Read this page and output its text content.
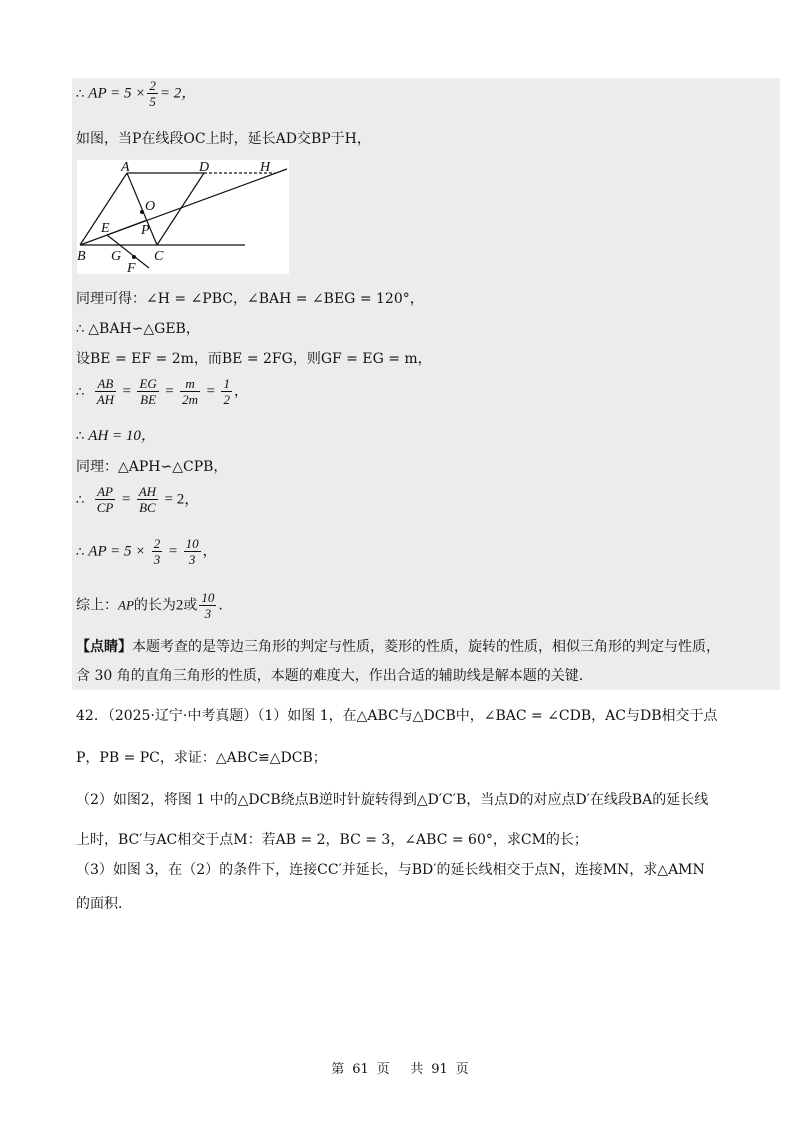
∴ AP = $5 \times \frac{2}{5} = 2$，
如图，当P在线段OC上时，延长AD交BP于H，
A	D	H
O
E P
B G C
F
同理可得：∠H = ∠PBC，∠BAH = ∠BEG = 120°，
∴ △BAH∽△GEB，
设BE = EF = 2m，而BE = 2FG，则GF = EG = m，
∴ $\frac{AB}{AH} = \frac{EG}{BE} = \frac{m}{2m} = \frac{1}{2}$ ，
∴ AH = 10，
同理：△APH∽△CPB，
∴ $\frac{AP}{CP} = \frac{AH}{BC} = 2$，
∴ AP = $5 \times \frac{2}{3} = \frac{10}{3}$ ，
综上：AP的长为2或 $\frac{10}{3}$ .
【点睛】本题考查的是等边三角形的判定与性质，菱形的性质，旋转的性质，相似三角形的判定与性质，
含 30 角的直角三角形的性质，本题的难度大，作出合适的辅助线是解本题的关键.
42．（2025·辽宁·中考真题）（1）如图 1，在△ABC与△DCB中，∠BAC = ∠CDB，AC与DB相交于点
P，PB = PC，求证：△ABC≌△DCB；
（2）如图2，将图 1 中的△DCB绕点B逆时针旋转得到△D′C′B，当点D的对应点D′在线段BA的延长线
上时，BC′与AC相交于点M：若AB = 2，BC = 3，∠ABC = 60°，求CM的长；
（3）如图 3，在（2）的条件下，连接CC′并延长，与BD′的延长线相交于点N，连接MN，求△AMN
的面积.
第 61 页 共 91 页
